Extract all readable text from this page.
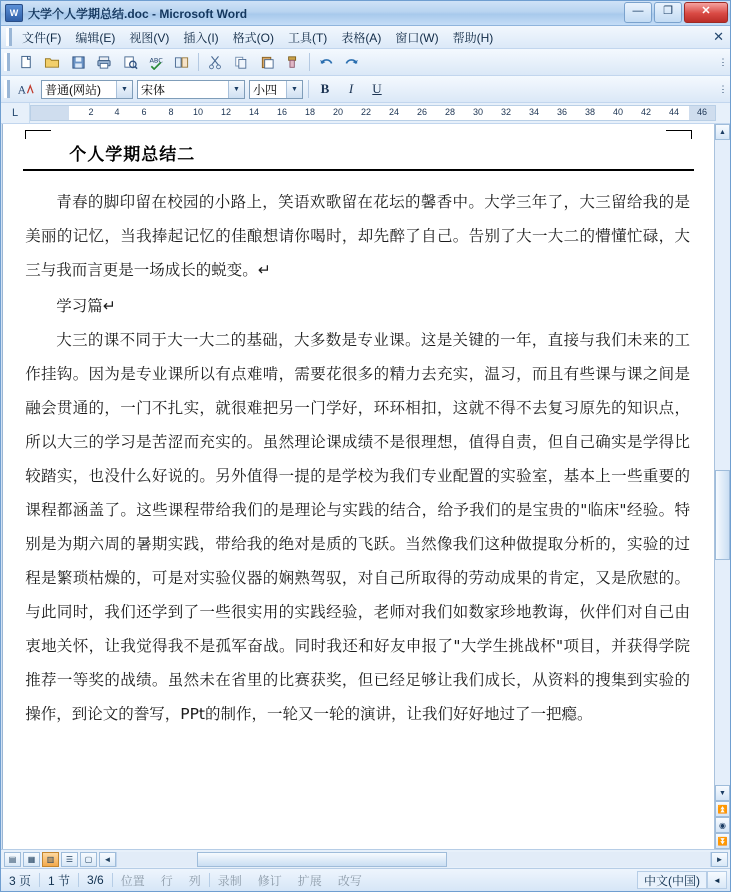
W 大学个人学期总结.doc - Microsoft Word	—	❐	✕
文件(F)	编辑(E)	视图(V)	插入(I)	格式(O)	工具(T)	表格(A)	窗口(W)	帮助(H)	✕
ABC	⋮
A 普通(网站)	▼	宋体	▼	小四	▼	B	I	U	⋮
L	2 4 6 8 10 12 14 16 18 20 22 24 26 28 30 32 34 36 38 40 42 44 46
个人学期总结二
青春的脚印留在校园的小路上，笑语欢歌留在花坛的馨香中。大学三年了，大三留给我的是美丽的记忆，当我捧起记忆的佳酿想请你喝时，却先醉了自己。告别了大一大二的懵懂忙碌，大三与我而言更是一场成长的蜕变。↵
学习篇↵
大三的课不同于大一大二的基础，大多数是专业课。这是关键的一年，直接与我们未来的工作挂钩。因为是专业课所以有点难啃，需要花很多的精力去充实，温习，而且有些课与课之间是融会贯通的，一门不扎实，就很难把另一门学好，环环相扣，这就不得不去复习原先的知识点，所以大三的学习是苦涩而充实的。虽然理论课成绩不是很理想，值得自责，但自己确实是学得比较踏实，也没什么好说的。另外值得一提的是学校为我们专业配置的实验室，基本上一些重要的课程都涵盖了。这些课程带给我们的是理论与实践的结合，给予我们的是宝贵的"临床"经验。特别是为期六周的暑期实践，带给我的绝对是质的飞跃。当然像我们这种做提取分析的，实验的过程是繁琐枯燥的，可是对实验仪器的娴熟驾驭，对自己所取得的劳动成果的肯定，又是欣慰的。与此同时，我们还学到了一些很实用的实践经验，老师对我们如数家珍地教诲，伙伴们对自己由衷地关怀，让我觉得我不是孤军奋战。同时我还和好友申报了"大学生挑战杯"项目，并获得学院推荐一等奖的战绩。虽然未在省里的比赛获奖，但已经足够让我们成长，从资料的搜集到实验的操作，到论文的誊写，PPt的制作，一轮又一轮的演讲，让我们好好地过了一把瘾。
▲
▼
⏫
◉
⏬
▤	▦	▥	☰	▢	◄	►
3 页	1 节	3/6	位置	行	列	录制	修订	扩展	改写	中文(中国)	◄
